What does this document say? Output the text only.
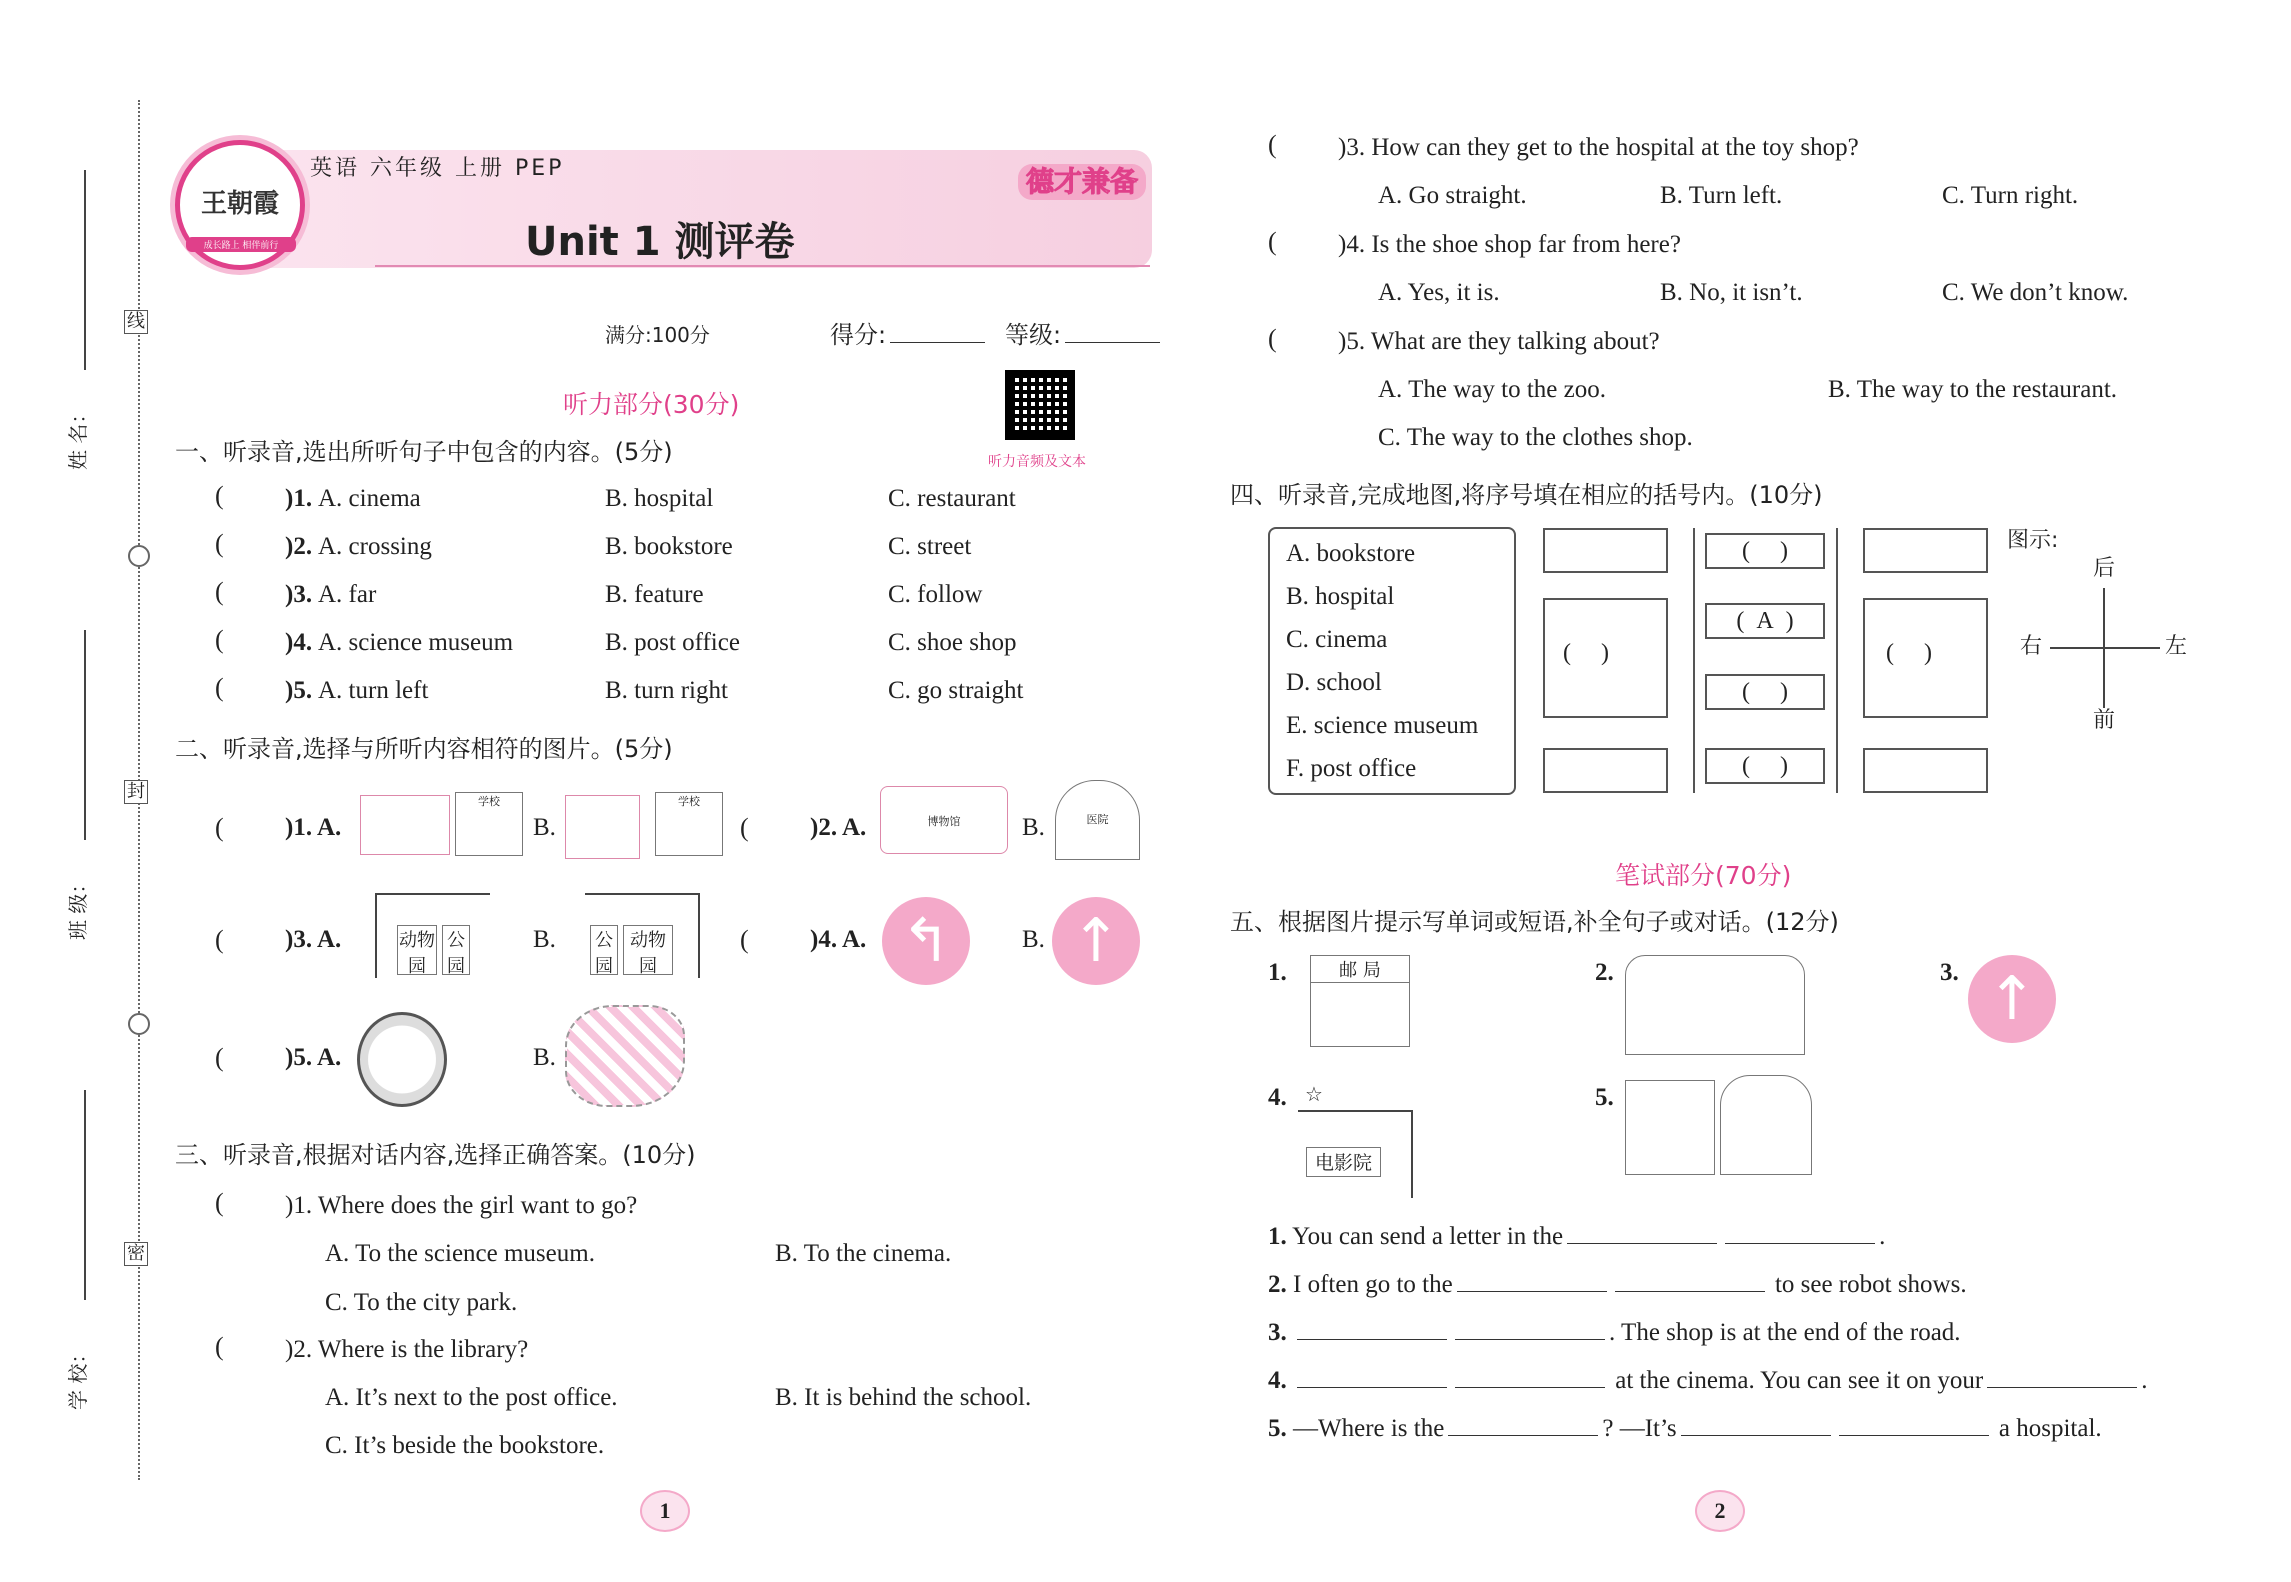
姓 名：
班 级：
学 校：
线
封
密
王朝霞
成长路上 相伴前行
英语 六年级 上册 PEP
Unit 1 测评卷
德才兼备
满分:100分	得分:	等级:
听力音频及文本
听力部分(30分)
一、听录音,选出所听句子中包含的内容。(5分)
( )1. A. cinema	B. hospital	C. restaurant
( )2. A. crossing	B. bookstore	C. street
( )3. A. far	B. feature	C. follow
( )4. A. science museum	B. post office	C. shoe shop
( )5. A. turn left	B. turn right	C. go straight
二、听录音,选择与所听内容相符的图片。(5分)
( )1. A.
学校
B.
学校
( )2. A.	博物馆	B.	医院
( )3. A.	动物
园
公
园
B. 公
园
动物
园
( )4. A. ↰	B. ↑
( )5. A.	B.
三、听录音,根据对话内容,选择正确答案。(10分)
( )1. Where does the girl want to go?
A. To the science museum.	B. To the cinema.
C. To the city park.
( )2. Where is the library?
A. It’s next to the post office.	B. It is behind the school.
C. It’s beside the bookstore.
1
( )3. How can they get to the hospital at the toy shop?
A. Go straight.	B. Turn left.	C. Turn right.
( )4. Is the shoe shop far from here?
A. Yes, it is.	B. No, it isn’t.	C. We don’t know.
( )5. What are they talking about?
A. The way to the zoo.	B. The way to the restaurant.
C. The way to the clothes shop.
四、听录音,完成地图,将序号填在相应的括号内。(10分)
A. bookstore
B. hospital
C. cinema
D. school
E. science museum
F. post office
(     )
(  A  )
(     )
(     )
(     )	(     )
图示:
后
前
右	左
笔试部分(70分)
五、根据图片提示写单词或短语,补全句子或对话。(12分)
1.	邮 局	2.	3. ↑
4. ☆
电影院
5.
1. You can send a letter in the	.
2. I often go to the	to see robot shows.
3.	. The shop is at the end of the road.
4.	at the cinema. You can see it on your	.
5. —Where is the	? —It’s	a hospital.
2
